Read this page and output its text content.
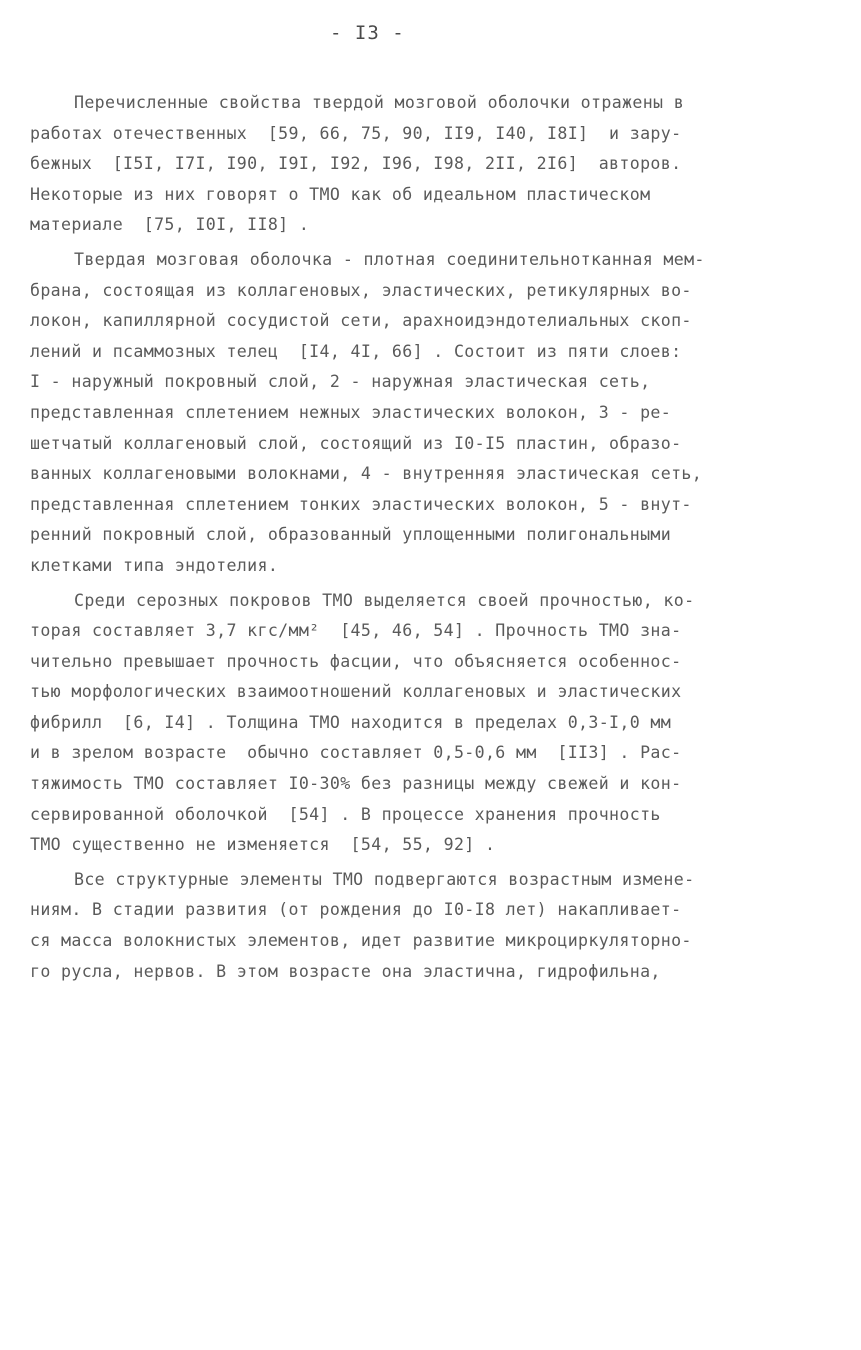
- I3 -
Перечисленные свойства твердой мозговой оболочки отражены в
работах отечественных  [59, 66, 75, 90, II9, I40, I8I]  и зару-
бежных  [I5I, I7I, I90, I9I, I92, I96, I98, 2II, 2I6]  авторов.
Некоторые из них говорят о ТМО как об идеальном пластическом
материале  [75, I0I, II8] .
Твердая мозговая оболочка - плотная соединительнотканная мем-
брана, состоящая из коллагеновых, эластических, ретикулярных во-
локон, капиллярной сосудистой сети, арахноидэндотелиальных скоп-
лений и псаммозных телец  [I4, 4I, 66] . Состоит из пяти слоев:
I - наружный покровный слой, 2 - наружная эластическая сеть,
представленная сплетением нежных эластических волокон, 3 - ре-
шетчатый коллагеновый слой, состоящий из I0-I5 пластин, образо-
ванных коллагеновыми волокнами, 4 - внутренняя эластическая сеть,
представленная сплетением тонких эластических волокон, 5 - внут-
ренний покровный слой, образованный уплощенными полигональными
клетками типа эндотелия.
Среди серозных покровов ТМО выделяется своей прочностью, ко-
торая составляет 3,7 кгс/мм²  [45, 46, 54] . Прочность ТМО зна-
чительно превышает прочность фасции, что объясняется особеннос-
тью морфологических взаимоотношений коллагеновых и эластических
фибрилл  [6, I4] . Толщина ТМО находится в пределах 0,3-I,0 мм
и в зрелом возрасте  обычно составляет 0,5-0,6 мм  [II3] . Рас-
тяжимость ТМО составляет I0-30% без разницы между свежей и кон-
сервированной оболочкой  [54] . В процессе хранения прочность
ТМО существенно не изменяется  [54, 55, 92] .
Все структурные элементы ТМО подвергаются возрастным измене-
ниям. В стадии развития (от рождения до I0-I8 лет) накапливает-
ся масса волокнистых элементов, идет развитие микроциркуляторно-
го русла, нервов. В этом возрасте она эластична, гидрофильна,
